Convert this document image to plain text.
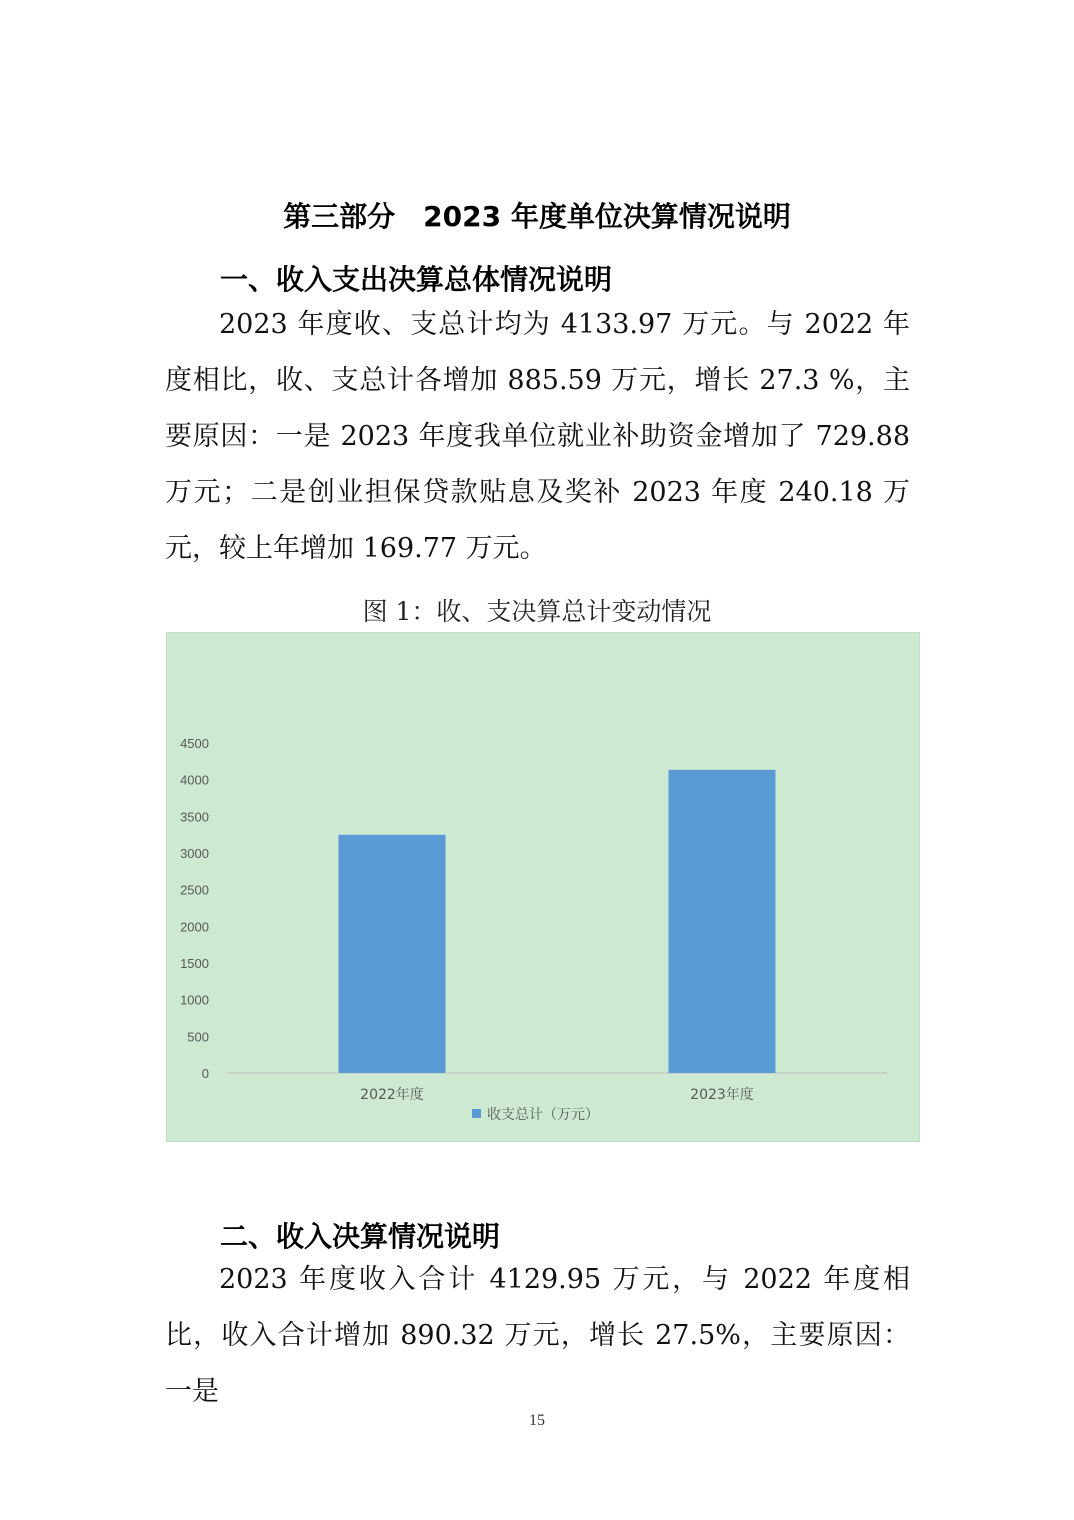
第三部分　2023 年度单位决算情况说明
一、收入支出决算总体情况说明
2023 年度收、支总计均为 4133.97 万元。与 2022 年度相比，收、支总计各增加 885.59 万元，增长 27.3 %，主要原因：一是 2023 年度我单位就业补助资金增加了 729.88 万元；二是创业担保贷款贴息及奖补 2023 年度 240.18 万元，较上年增加 169.77 万元。
图 1：收、支决算总计变动情况
0
500
1000
1500
2000
2500
3000
3500
4000
4500
2022年度	2023年度
收支总计（万元）
二、收入决算情况说明
2023 年度收入合计 4129.95 万元，与 2022 年度相比，收入合计增加 890.32 万元，增长 27.5%，主要原因：一是
15
